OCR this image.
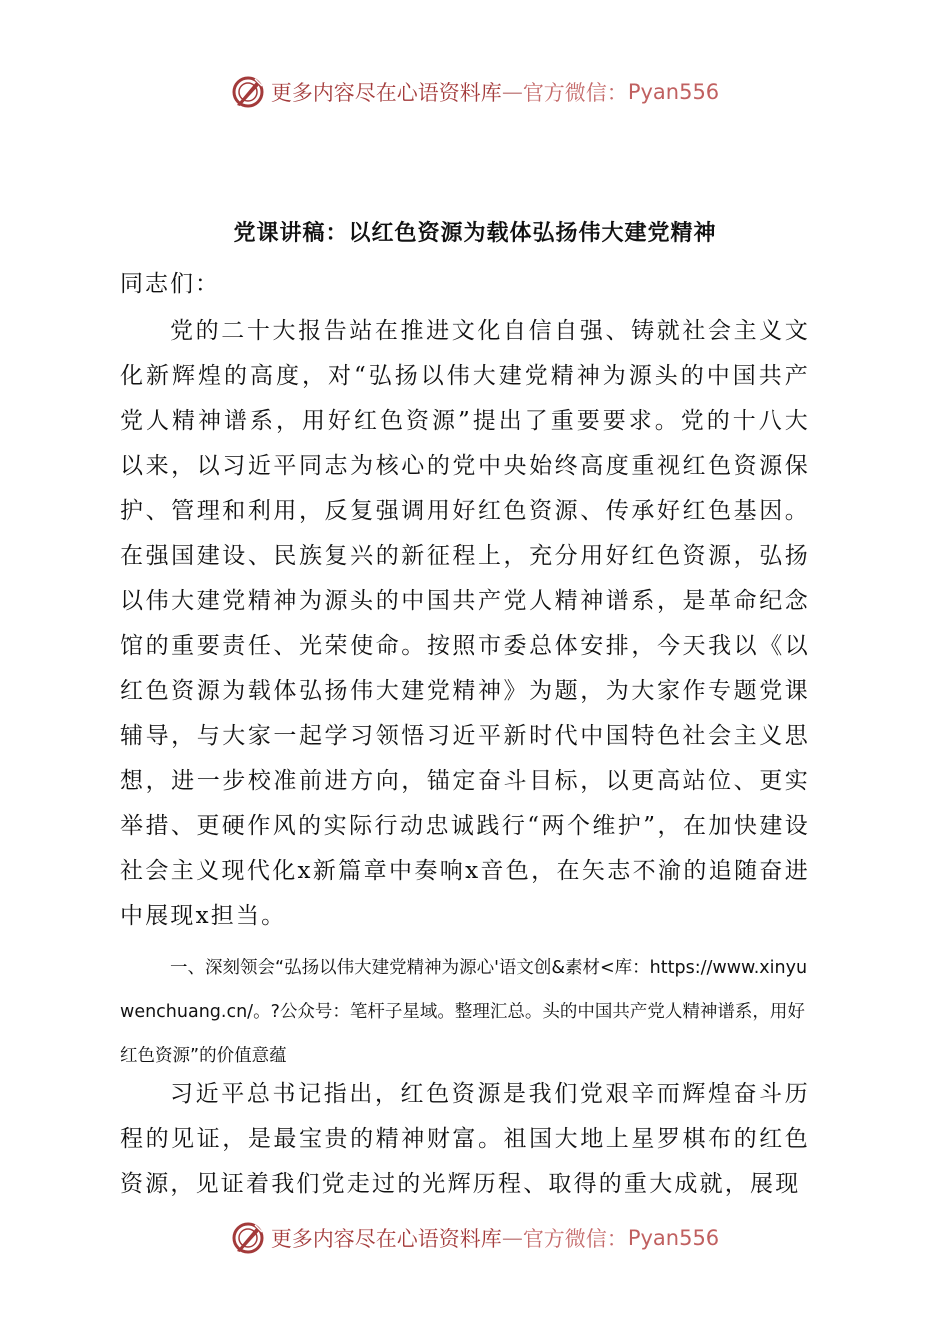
更多内容尽在心语资料库 — 官方微信： Pyan556
党课讲稿：以红色资源为载体弘扬伟大建党精神
同志们：
党的二十大报告站在推进文化自信自强、铸就社会主义文化新辉煌的高度，对“弘扬以伟大建党精神为源头的中国共产党人精神谱系，用好红色资源”提出了重要要求。党的十八大以来，以习近平同志为核心的党中央始终高度重视红色资源保护、管理和利用，反复强调用好红色资源、传承好红色基因。在强国建设、民族复兴的新征程上，充分用好红色资源，弘扬以伟大建党精神为源头的中国共产党人精神谱系，是革命纪念馆的重要责任、光荣使命。按照市委总体安排，今天我以《以红色资源为载体弘扬伟大建党精神》为题，为大家作专题党课辅导，与大家一起学习领悟习近平新时代中国特色社会主义思想，进一步校准前进方向，锚定奋斗目标，以更高站位、更实举措、更硬作风的实际行动忠诚践行“两个维护”，在加快建设社会主义现代化x新篇章中奏响x音色，在矢志不渝的追随奋进中展现x担当。
一、深刻领会“弘扬以伟大建党精神为源心'语文创&素材<库：https://www.xinyuwenchuang.cn/。?公众号：笔杆子星域。整理汇总。头的中国共产党人精神谱系，用好红色资源”的价值意蕴
习近平总书记指出，红色资源是我们党艰辛而辉煌奋斗历程的见证，是最宝贵的精神财富。祖国大地上星罗棋布的红色资源，见证着我们党走过的光辉历程、取得的重大成就，展现
更多内容尽在心语资料库 — 官方微信： Pyan556
